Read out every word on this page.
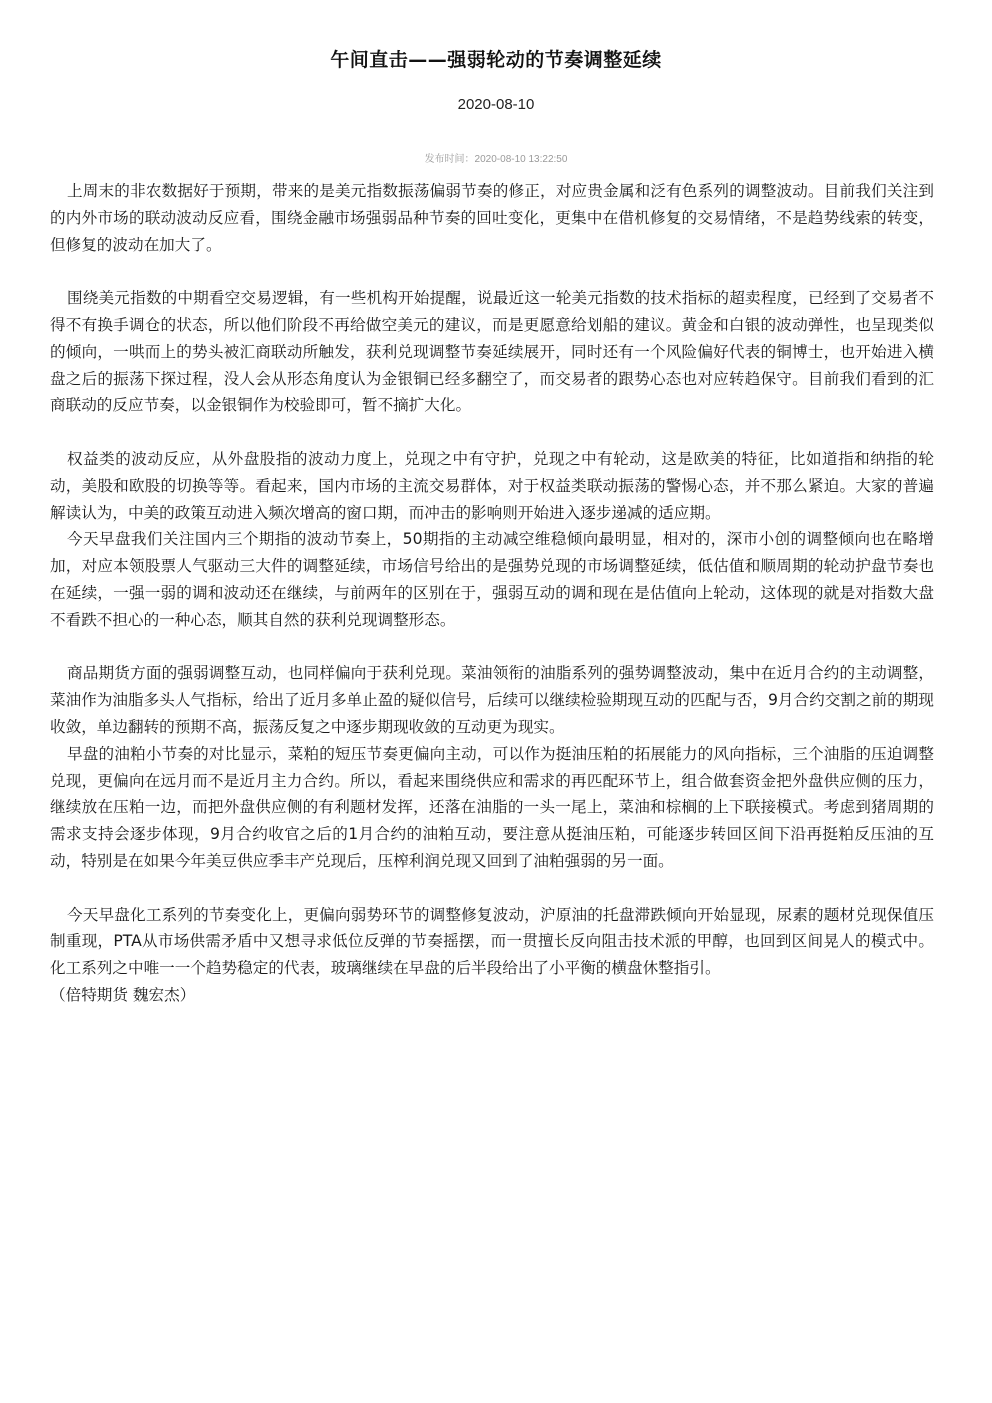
午间直击——强弱轮动的节奏调整延续
2020-08-10
发布时间：2020-08-10 13:22:50

上周末的非农数据好于预期，带来的是美元指数振荡偏弱节奏的修正，对应贵金属和泛有色系列的调整波动。目前我们关注到的内外市场的联动波动反应看，围绕金融市场强弱品种节奏的回吐变化，更集中在借机修复的交易情绪，不是趋势线索的转变，但修复的波动在加大了。

围绕美元指数的中期看空交易逻辑，有一些机构开始提醒，说最近这一轮美元指数的技术指标的超卖程度，已经到了交易者不得不有换手调仓的状态，所以他们阶段不再给做空美元的建议，而是更愿意给划船的建议。黄金和白银的波动弹性，也呈现类似的倾向，一哄而上的势头被汇商联动所触发，获利兑现调整节奏延续展开，同时还有一个风险偏好代表的铜博士，也开始进入横盘之后的振荡下探过程，没人会从形态角度认为金银铜已经多翻空了，而交易者的跟势心态也对应转趋保守。目前我们看到的汇商联动的反应节奏，以金银铜作为校验即可，暂不摘扩大化。

权益类的波动反应，从外盘股指的波动力度上，兑现之中有守护，兑现之中有轮动，这是欧美的特征，比如道指和纳指的轮动，美股和欧股的切换等等。看起来，国内市场的主流交易群体，对于权益类联动振荡的警惕心态，并不那么紧迫。大家的普遍解读认为，中美的政策互动进入频次增高的窗口期，而冲击的影响则开始进入逐步递减的适应期。

今天早盘我们关注国内三个期指的波动节奏上，50期指的主动减空维稳倾向最明显，相对的，深市小创的调整倾向也在略增加，对应本领股票人气驱动三大件的调整延续，市场信号给出的是强势兑现的市场调整延续，低估值和顺周期的轮动护盘节奏也在延续，一强一弱的调和波动还在继续，与前两年的区别在于，强弱互动的调和现在是估值向上轮动，这体现的就是对指数大盘不看跌不担心的一种心态，顺其自然的获利兑现调整形态。

商品期货方面的强弱调整互动，也同样偏向于获利兑现。菜油领衔的油脂系列的强势调整波动，集中在近月合约的主动调整，菜油作为油脂多头人气指标，给出了近月多单止盈的疑似信号，后续可以继续检验期现互动的匹配与否，9月合约交割之前的期现收敛，单边翻转的预期不高，振荡反复之中逐步期现收敛的互动更为现实。

早盘的油粕小节奏的对比显示，菜粕的短压节奏更偏向主动，可以作为挺油压粕的拓展能力的风向指标，三个油脂的压迫调整兑现，更偏向在远月而不是近月主力合约。所以，看起来围绕供应和需求的再匹配环节上，组合做套资金把外盘供应侧的压力，继续放在压粕一边，而把外盘供应侧的有利题材发挥，还落在油脂的一头一尾上，菜油和棕榈的上下联接模式。考虑到猪周期的需求支持会逐步体现，9月合约收官之后的1月合约的油粕互动，要注意从挺油压粕，可能逐步转回区间下沿再挺粕反压油的互动，特别是在如果今年美豆供应季丰产兑现后，压榨利润兑现又回到了油粕强弱的另一面。

今天早盘化工系列的节奏变化上，更偏向弱势环节的调整修复波动，沪原油的托盘滞跌倾向开始显现，尿素的题材兑现保值压制重现，PTA从市场供需矛盾中又想寻求低位反弹的节奏摇摆，而一贯擅长反向阻击技术派的甲醇，也回到区间晃人的模式中。化工系列之中唯一一个趋势稳定的代表，玻璃继续在早盘的后半段给出了小平衡的横盘休整指引。

（倍特期货 魏宏杰）
